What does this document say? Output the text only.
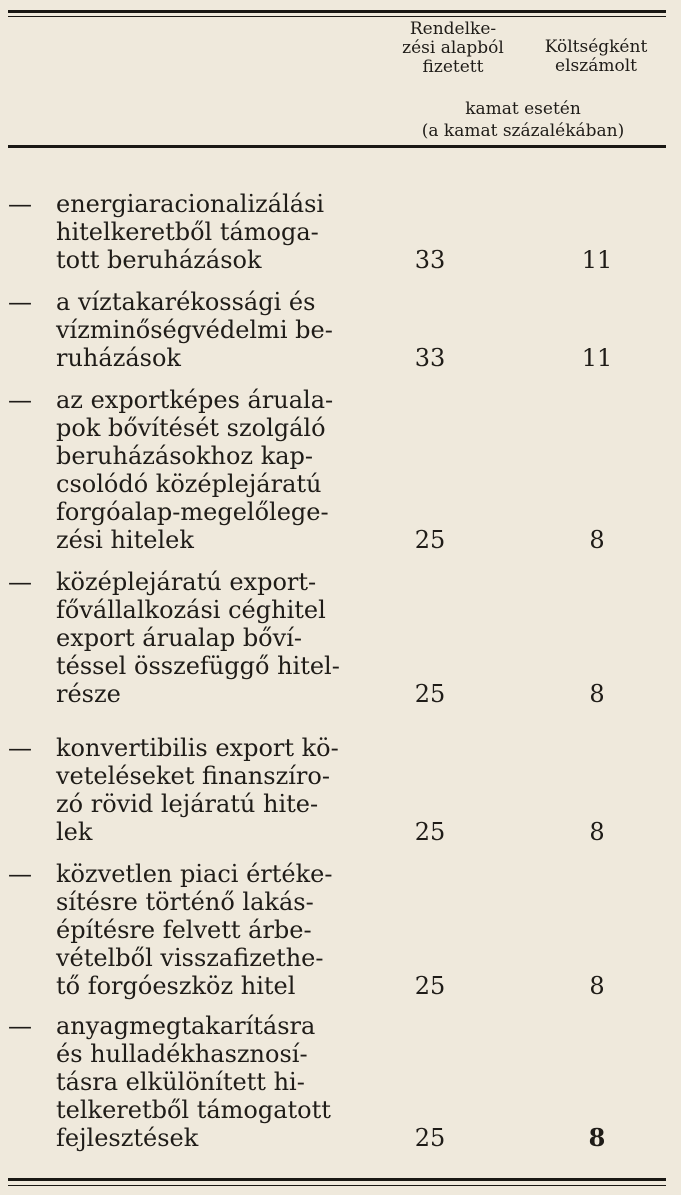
Rendelke-
zési alapból
fizetett
Költségként
elszámolt
kamat esetén
(a kamat százalékában)
—	energiaracionalizálási
hitelkeretből támoga-
tott beruházások	33	11
—	a víztakarékossági és
vízminőségvédelmi be-
ruházások	33	11
—	az exportképes áruala-
pok bővítését szolgáló
beruházásokhoz kap-
csolódó középlejáratú
forgóalap-megelőlege-
zési hitelek	25	8
—	középlejáratú export-
fővállalkozási céghitel
export árualap bőví-
téssel összefüggő hitel-
része	25	8
—	konvertibilis export kö-
veteléseket finanszíro-
zó rövid lejáratú hite-
lek	25	8
—	közvetlen piaci értéke-
sítésre történő lakás-
építésre felvett árbe-
vételből visszafizethe-
tő forgóeszköz hitel	25	8
—	anyagmegtakarításra
és hulladékhasznosí-
tásra elkülönített hi-
telkeretből támogatott
fejlesztések	25	8
